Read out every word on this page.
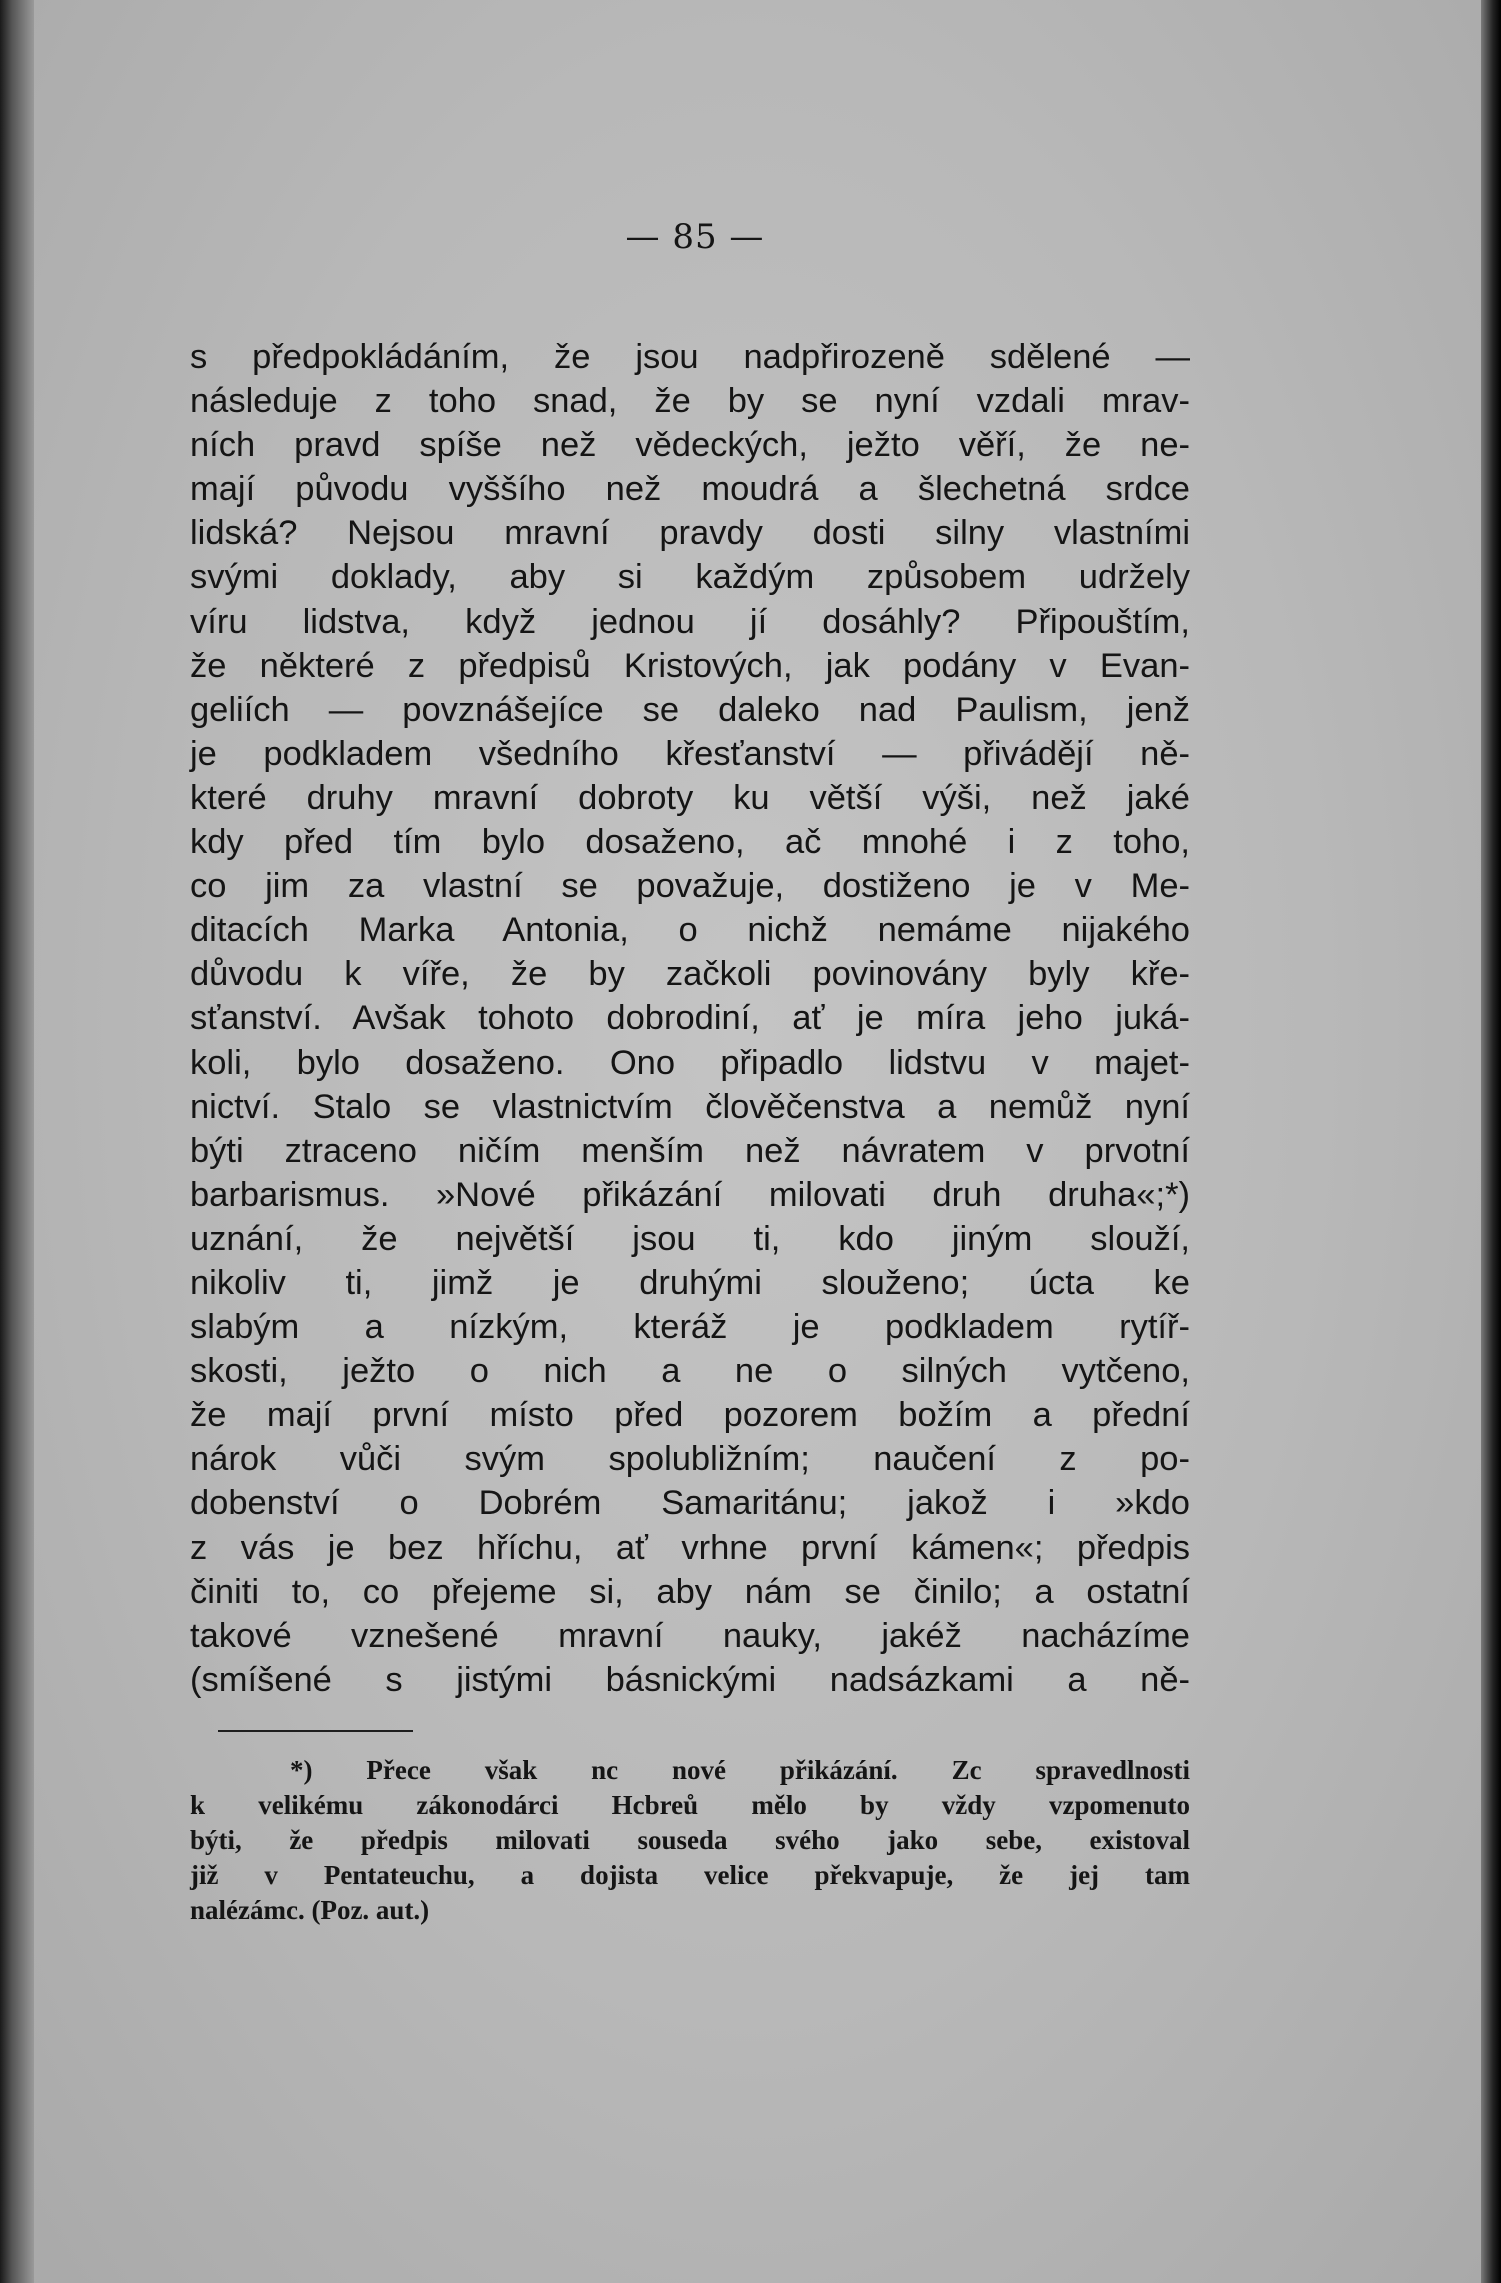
— 85 —
s předpokládáním, že jsou nadpřirozeně sdělené —
následuje z toho snad, že by se nyní vzdali mrav-
ních pravd spíše než vědeckých, ježto věří, že ne-
mají původu vyššího než moudrá a šlechetná srdce
lidská? Nejsou mravní pravdy dosti silny vlastními
svými doklady, aby si každým způsobem udržely
víru lidstva, když jednou jí dosáhly? Připouštím,
že některé z předpisů Kristových, jak podány v Evan-
geliích — povznášejíce se daleko nad Paulism, jenž
je podkladem všedního křesťanství — přivádějí ně-
které druhy mravní dobroty ku větší výši, než jaké
kdy před tím bylo dosaženo, ač mnohé i z toho,
co jim za vlastní se považuje, dostiženo je v Me-
ditacích Marka Antonia, o nichž nemáme nijakého
důvodu k víře, že by začkoli povinovány byly kře-
sťanství. Avšak tohoto dobrodiní, ať je míra jeho juká-
koli, bylo dosaženo. Ono připadlo lidstvu v majet-
nictví. Stalo se vlastnictvím člověčenstva a nemůž nyní
býti ztraceno ničím menším než návratem v prvotní
barbarismus. »Nové přikázání milovati druh druha«;*)
uznání, že největší jsou ti, kdo jiným slouží,
nikoliv ti, jimž je druhými slouženo; úcta ke
slabým a nízkým, kteráž je podkladem rytíř-
skosti, ježto o nich a ne o silných vytčeno,
že mají první místo před pozorem božím a přední
nárok vůči svým spolubližním; naučení z po-
dobenství o Dobrém Samaritánu; jakož i »kdo
z vás je bez hříchu, ať vrhne první kámen«; předpis
činiti to, co přejeme si, aby nám se činilo; a ostatní
takové vznešené mravní nauky, jakéž nacházíme
(smíšené s jistými básnickými nadsázkami a ně-
*) Přece však nc nové přikázání. Zc spravedlnosti
k velikému zákonodárci Hcbreů mělo by vždy vzpomenuto
býti, že předpis milovati souseda svého jako sebe, existoval
již v Pentateuchu, a dojista velice překvapuje, že jej tam
nalézámc. (Poz. aut.)
